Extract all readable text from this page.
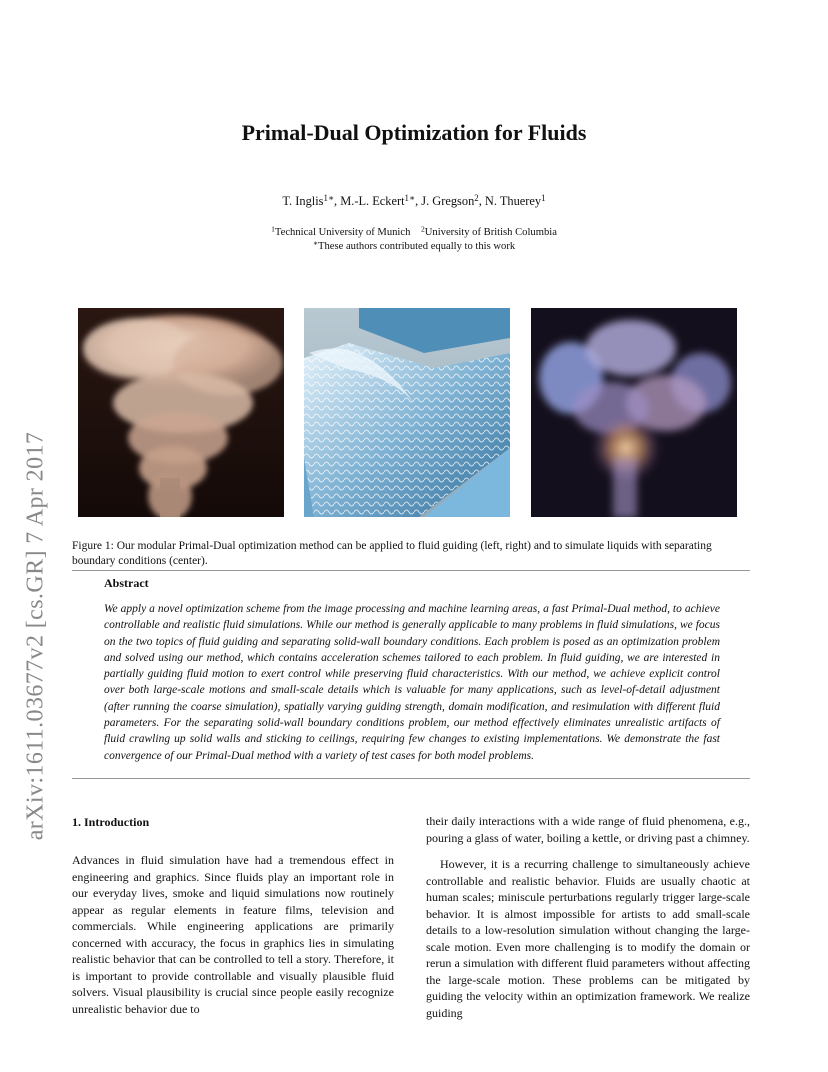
arXiv:1611.03677v2 [cs.GR] 7 Apr 2017
Primal-Dual Optimization for Fluids
T. Inglis$^{1∗}$, M.-L. Eckert$^{1∗}$, J. Gregson$^2$, N. Thuerey$^1$
$^1$Technical University of Munich $^2$University of British Columbia
∗These authors contributed equally to this work
Figure 1: Our modular Primal-Dual optimization method can be applied to fluid guiding (left, right) and to simulate liquids with separating boundary conditions (center).
Abstract
We apply a novel optimization scheme from the image processing and machine learning areas, a fast Primal-Dual method, to achieve controllable and realistic fluid simulations. While our method is generally applicable to many problems in fluid simulations, we focus on the two topics of fluid guiding and separating solid-wall boundary conditions. Each problem is posed as an optimization problem and solved using our method, which contains acceleration schemes tailored to each problem. In fluid guiding, we are interested in partially guiding fluid motion to exert control while preserving fluid characteristics. With our method, we achieve explicit control over both large-scale motions and small-scale details which is valuable for many applications, such as level-of-detail adjustment (after running the coarse simulation), spatially varying guiding strength, domain modification, and resimulation with different fluid parameters. For the separating solid-wall boundary conditions problem, our method effectively eliminates unrealistic artifacts of fluid crawling up solid walls and sticking to ceilings, requiring few changes to existing implementations. We demonstrate the fast convergence of our Primal-Dual method with a variety of test cases for both model problems.
1. Introduction

Advances in fluid simulation have had a tremendous effect in engineering and graphics. Since fluids play an important role in our everyday lives, smoke and liquid simulations now routinely appear as regular elements in feature films, television and commercials. While engineering applications are primarily concerned with accuracy, the focus in graphics lies in simulating realistic behavior that can be controlled to tell a story. Therefore, it is important to provide controllable and visually plausible fluid solvers. Visual plausibility is crucial since people easily recognize unrealistic behavior due to

their daily interactions with a wide range of fluid phenomena, e.g., pouring a glass of water, boiling a kettle, or driving past a chimney.

However, it is a recurring challenge to simultaneously achieve controllable and realistic behavior. Fluids are usually chaotic at human scales; miniscule perturbations regularly trigger large-scale behavior. It is almost impossible for artists to add small-scale details to a low-resolution simulation without changing the large-scale motion. Even more challenging is to modify the domain or rerun a simulation with different fluid parameters without affecting the large-scale motion. These problems can be mitigated by guiding the velocity within an optimization framework. We realize guiding
